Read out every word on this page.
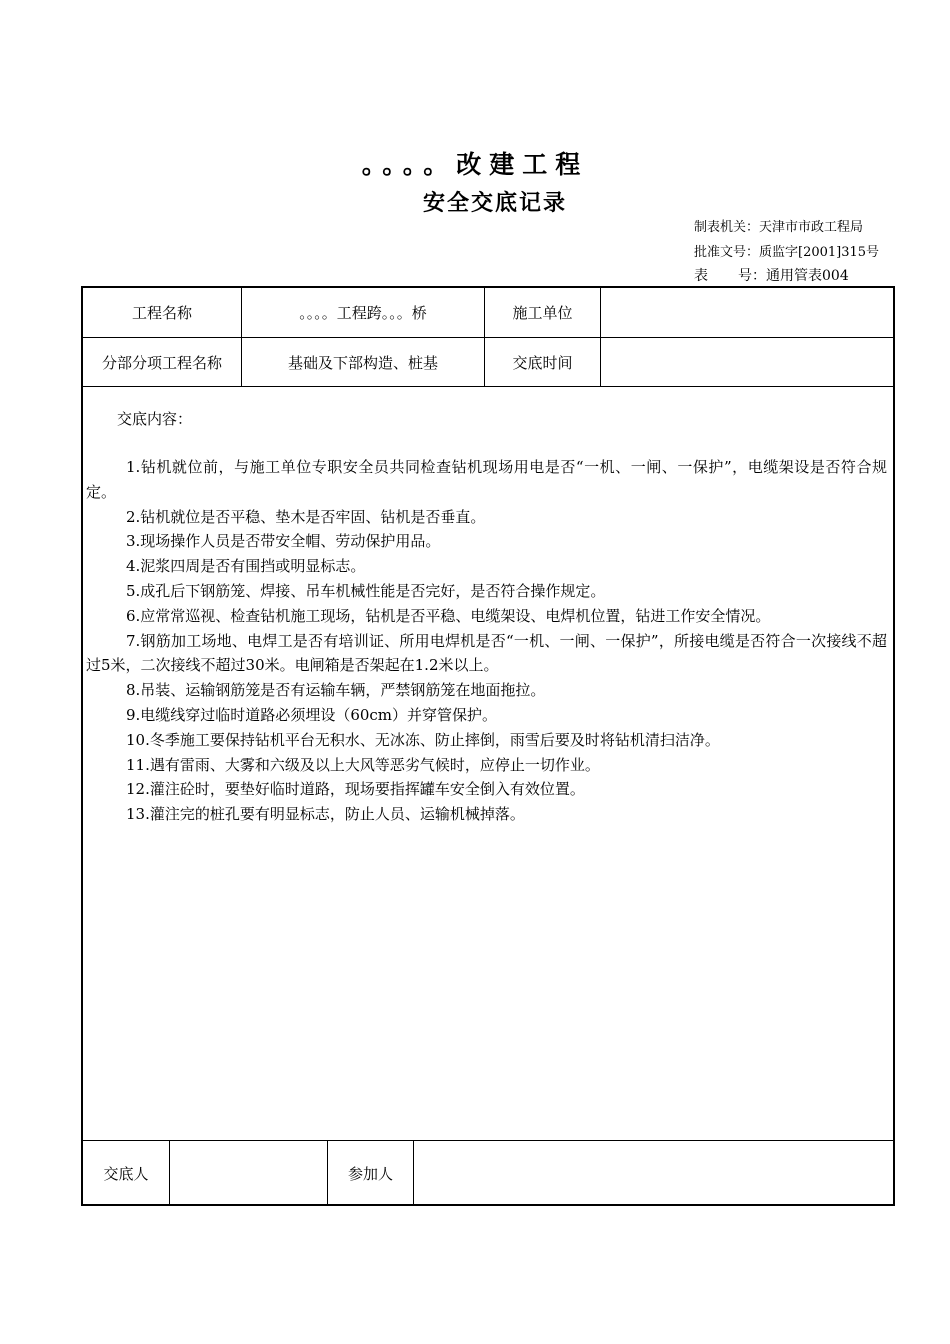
。。。。改建工程
安全交底记录
制表机关：天津市市政工程局
批准文号：质监字[2001]315号
表 号：通用管表004
工程名称	。。。。工程跨。。。桥	施工单位
分部分项工程名称	基础及下部构造、桩基	交底时间
交底内容：
1.钻机就位前，与施工单位专职安全员共同检查钻机现场用电是否“一机、一闸、一保护”，电缆架设是否符合规定。
2.钻机就位是否平稳、垫木是否牢固、钻机是否垂直。
3.现场操作人员是否带安全帽、劳动保护用品。
4.泥浆四周是否有围挡或明显标志。
5.成孔后下钢筋笼、焊接、吊车机械性能是否完好，是否符合操作规定。
6.应常常巡视、检查钻机施工现场，钻机是否平稳、电缆架设、电焊机位置，钻进工作安全情况。
7.钢筋加工场地、电焊工是否有培训证、所用电焊机是否“一机、一闸、一保护”，所接电缆是否符合一次接线不超过5米，二次接线不超过30米。电闸箱是否架起在1.2米以上。
8.吊装、运输钢筋笼是否有运输车辆，严禁钢筋笼在地面拖拉。
9.电缆线穿过临时道路必须埋设（60cm）并穿管保护。
10.冬季施工要保持钻机平台无积水、无冰冻、防止摔倒，雨雪后要及时将钻机清扫洁净。
11.遇有雷雨、大雾和六级及以上大风等恶劣气候时，应停止一切作业。
12.灌注砼时，要垫好临时道路，现场要指挥罐车安全倒入有效位置。
13.灌注完的桩孔要有明显标志，防止人员、运输机械掉落。
交底人	参加人
